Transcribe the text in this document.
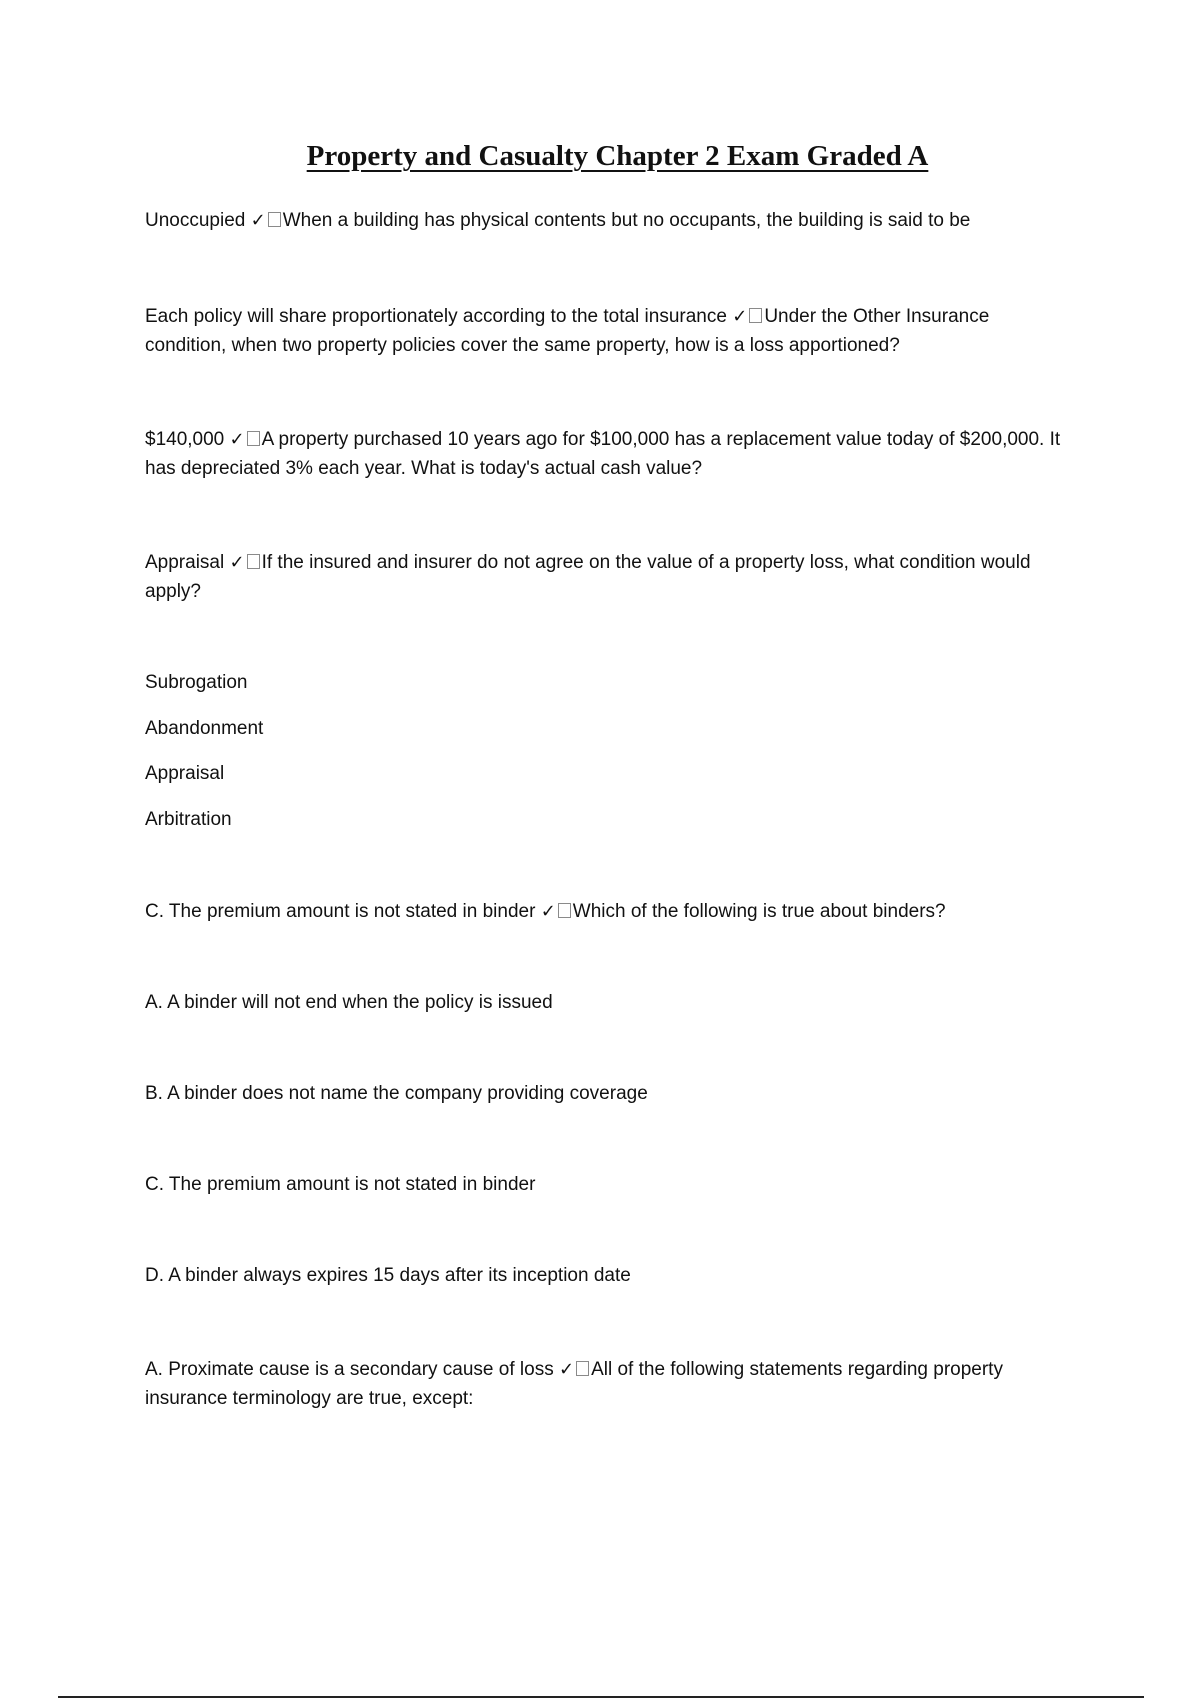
Property and Casualty Chapter 2 Exam Graded A

Unoccupied ✓ When a building has physical contents but no occupants, the building is said to be

Each policy will share proportionately according to the total insurance ✓ Under the Other Insurance condition, when two property policies cover the same property, how is a loss apportioned?

$140,000 ✓ A property purchased 10 years ago for $100,000 has a replacement value today of $200,000. It has depreciated 3% each year. What is today's actual cash value?

Appraisal ✓ If the insured and insurer do not agree on the value of a property loss, what condition would apply?

Subrogation

Abandonment

Appraisal

Arbitration

C. The premium amount is not stated in binder ✓ Which of the following is true about binders?

A. A binder will not end when the policy is issued

B. A binder does not name the company providing coverage

C. The premium amount is not stated in binder

D. A binder always expires 15 days after its inception date

A. Proximate cause is a secondary cause of loss ✓ All of the following statements regarding property insurance terminology are true, except:
